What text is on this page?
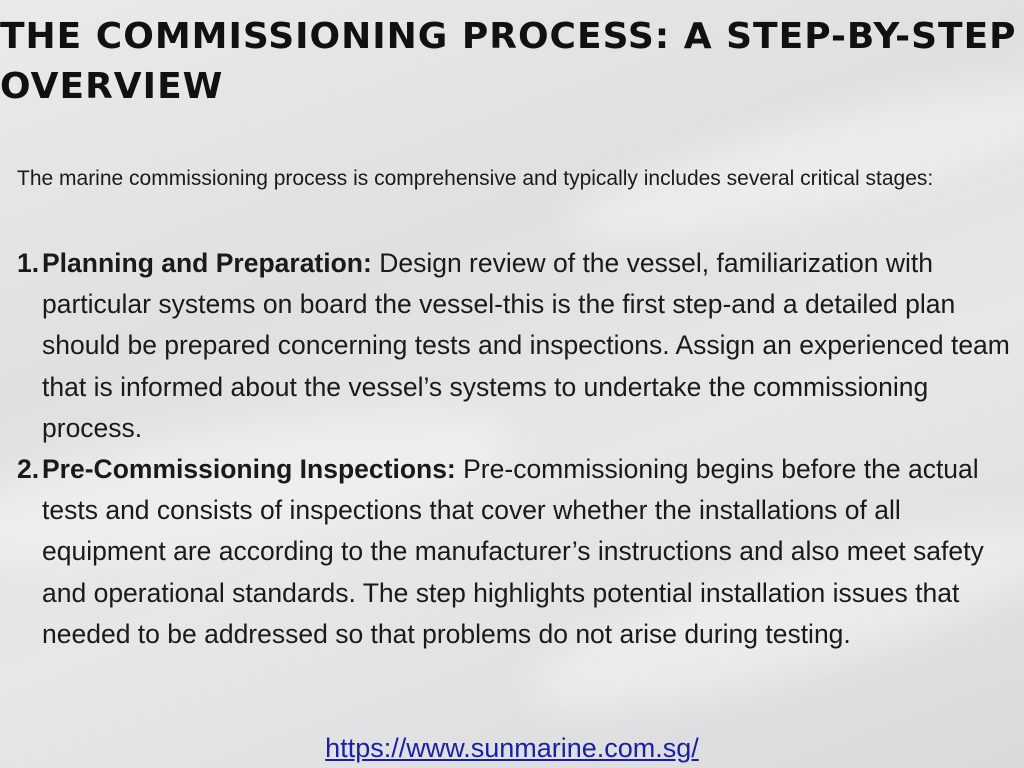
THE COMMISSIONING PROCESS: A STEP-BY-STEP OVERVIEW

The marine commissioning process is comprehensive and typically includes several critical stages:

1. Planning and Preparation: Design review of the vessel, familiarization with particular systems on board the vessel-this is the first step-and a detailed plan should be prepared concerning tests and inspections. Assign an experienced team that is informed about the vessel’s systems to undertake the commissioning process.
2. Pre-Commissioning Inspections: Pre-commissioning begins before the actual tests and consists of inspections that cover whether the installations of all equipment are according to the manufacturer’s instructions and also meet safety and operational standards. The step highlights potential installation issues that needed to be addressed so that problems do not arise during testing.
https://www.sunmarine.com.sg/
